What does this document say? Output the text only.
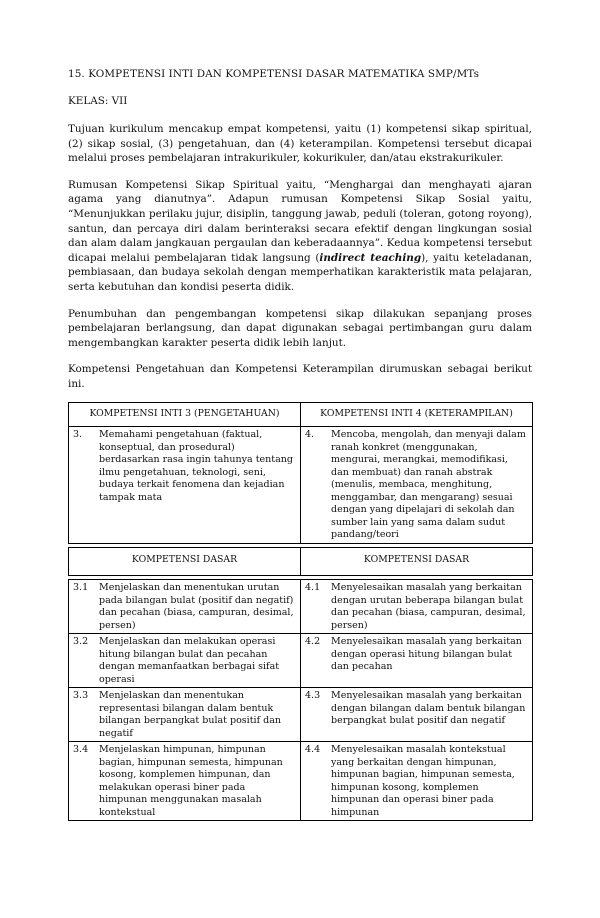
15. KOMPETENSI INTI DAN KOMPETENSI DASAR MATEMATIKA SMP/MTs
KELAS: VII

Tujuan kurikulum mencakup empat kompetensi, yaitu (1) kompetensi sikap spiritual, (2) sikap sosial, (3) pengetahuan, dan (4) keterampilan. Kompetensi tersebut dicapai melalui proses pembelajaran intrakurikuler, kokurikuler, dan/atau ekstrakurikuler.

Rumusan Kompetensi Sikap Spiritual yaitu, “Menghargai dan menghayati ajaran agama yang dianutnya”. Adapun rumusan Kompetensi Sikap Sosial yaitu, “Menunjukkan perilaku jujur, disiplin, tanggung jawab, peduli (toleran, gotong royong), santun, dan percaya diri dalam berinteraksi secara efektif dengan lingkungan sosial dan alam dalam jangkauan pergaulan dan keberadaannya”. Kedua kompetensi tersebut dicapai melalui pembelajaran tidak langsung (indirect teaching), yaitu keteladanan, pembiasaan, dan budaya sekolah dengan memperhatikan karakteristik mata pelajaran, serta kebutuhan dan kondisi peserta didik.

Penumbuhan dan pengembangan kompetensi sikap dilakukan sepanjang proses pembelajaran berlangsung, dan dapat digunakan sebagai pertimbangan guru dalam mengembangkan karakter peserta didik lebih lanjut.

Kompetensi Pengetahuan dan Kompetensi Keterampilan dirumuskan sebagai berikut ini.

KOMPETENSI INTI 3 (PENGETAHUAN)	KOMPETENSI INTI 4 (KETERAMPILAN)

3. Memahami pengetahuan (faktual, konseptual, dan prosedural) berdasarkan rasa ingin tahunya tentang ilmu pengetahuan, teknologi, seni, budaya terkait fenomena dan kejadian tampak mata	4. Mencoba, mengolah, dan menyaji dalam ranah konkret (menggunakan, mengurai, merangkai, memodifikasi, dan membuat) dan ranah abstrak (menulis, membaca, menghitung, menggambar, dan mengarang) sesuai dengan yang dipelajari di sekolah dan sumber lain yang sama dalam sudut pandang/teori

KOMPETENSI DASAR	KOMPETENSI DASAR

3.1 Menjelaskan dan menentukan urutan pada bilangan bulat (positif dan negatif) dan pecahan (biasa, campuran, desimal, persen)	4.1 Menyelesaikan masalah yang berkaitan dengan urutan beberapa bilangan bulat dan pecahan (biasa, campuran, desimal, persen)

3.2 Menjelaskan dan melakukan operasi hitung bilangan bulat dan pecahan dengan memanfaatkan berbagai sifat operasi	4.2 Menyelesaikan masalah yang berkaitan dengan operasi hitung bilangan bulat dan pecahan

3.3 Menjelaskan dan menentukan representasi bilangan dalam bentuk bilangan berpangkat bulat positif dan negatif	4.3 Menyelesaikan masalah yang berkaitan dengan bilangan dalam bentuk bilangan berpangkat bulat positif dan negatif

3.4 Menjelaskan himpunan, himpunan bagian, himpunan semesta, himpunan kosong, komplemen himpunan, dan melakukan operasi biner pada himpunan menggunakan masalah kontekstual	4.4 Menyelesaikan masalah kontekstual yang berkaitan dengan himpunan, himpunan bagian, himpunan semesta, himpunan kosong, komplemen himpunan dan operasi biner pada himpunan
